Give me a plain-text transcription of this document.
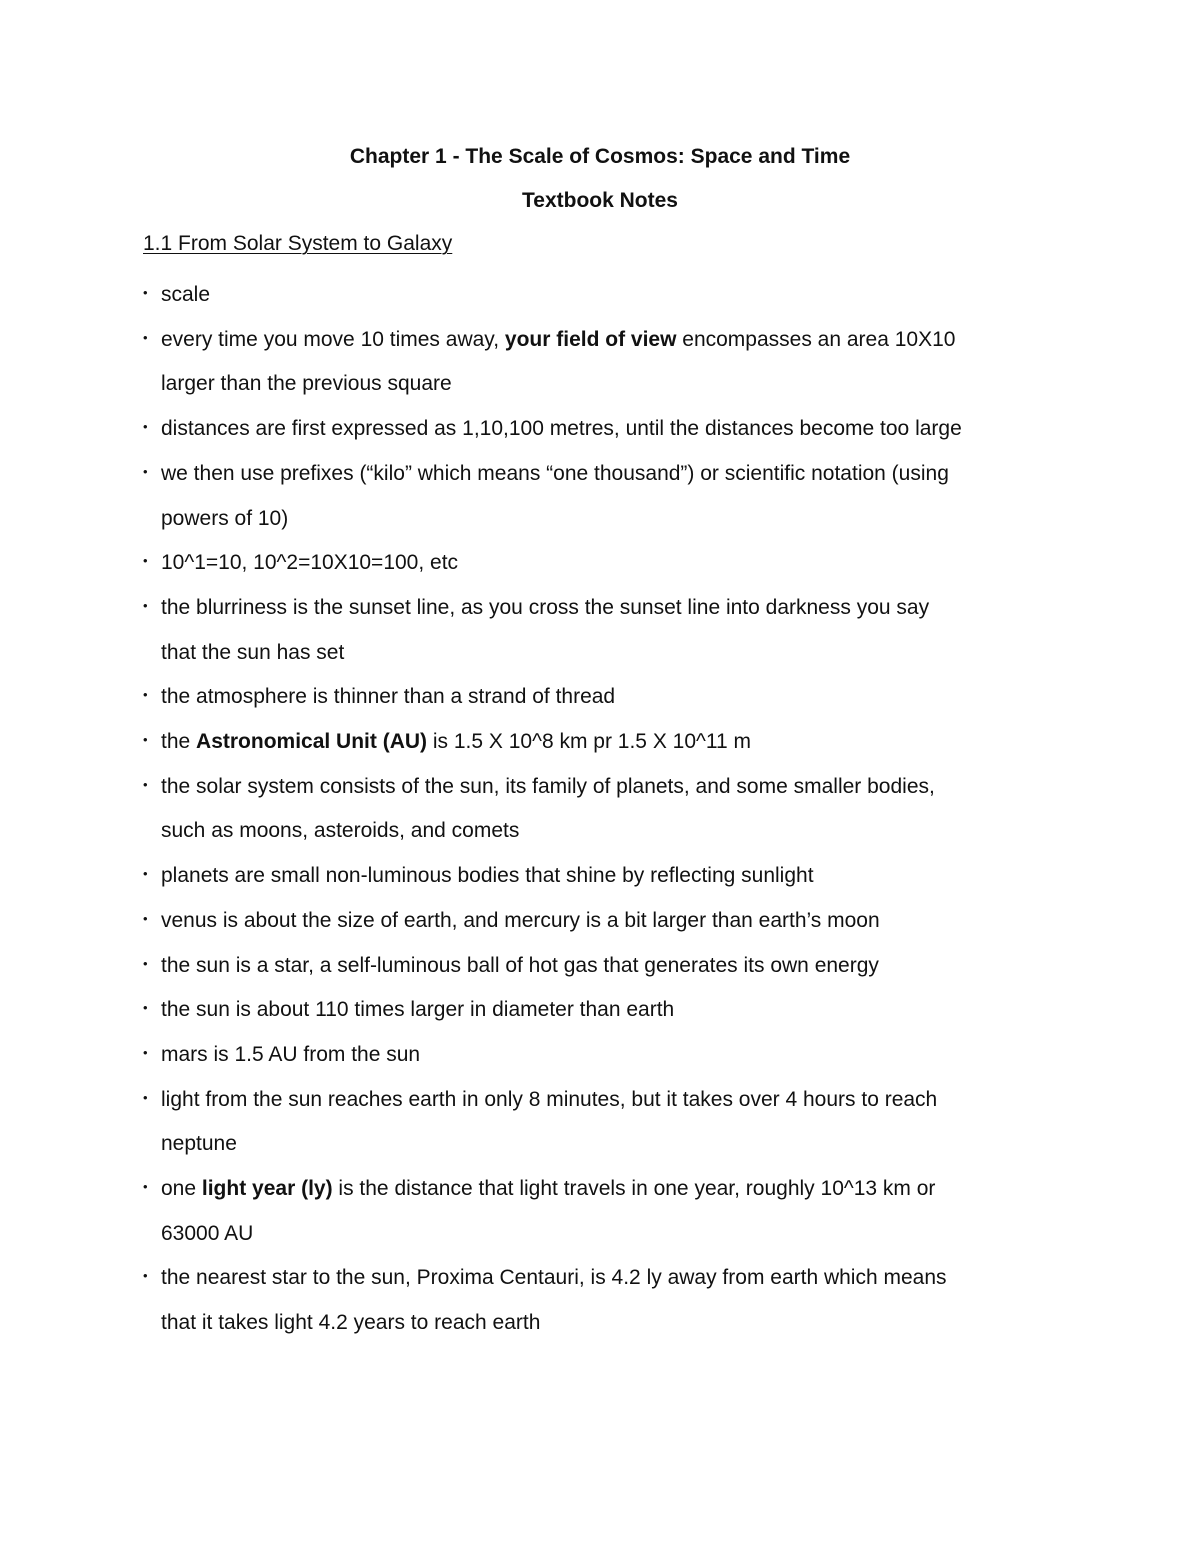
Chapter 1 - The Scale of Cosmos: Space and Time
Textbook Notes
1.1 From Solar System to Galaxy
• scale
• every time you move 10 times away, your field of view encompasses an area 10X10
larger than the previous square
• distances are first expressed as 1,10,100 metres, until the distances become too large
• we then use prefixes (“kilo” which means “one thousand”) or scientific notation (using
powers of 10)
• 10^1=10, 10^2=10X10=100, etc
• the blurriness is the sunset line, as you cross the sunset line into darkness you say
that the sun has set
• the atmosphere is thinner than a strand of thread
• the Astronomical Unit (AU) is 1.5 X 10^8 km pr 1.5 X 10^11 m
• the solar system consists of the sun, its family of planets, and some smaller bodies,
such as moons, asteroids, and comets
• planets are small non-luminous bodies that shine by reflecting sunlight
• venus is about the size of earth, and mercury is a bit larger than earth’s moon
• the sun is a star, a self-luminous ball of hot gas that generates its own energy
• the sun is about 110 times larger in diameter than earth
• mars is 1.5 AU from the sun
• light from the sun reaches earth in only 8 minutes, but it takes over 4 hours to reach
neptune
• one light year (ly) is the distance that light travels in one year, roughly 10^13 km or
63000 AU
• the nearest star to the sun, Proxima Centauri, is 4.2 ly away from earth which means
that it takes light 4.2 years to reach earth
